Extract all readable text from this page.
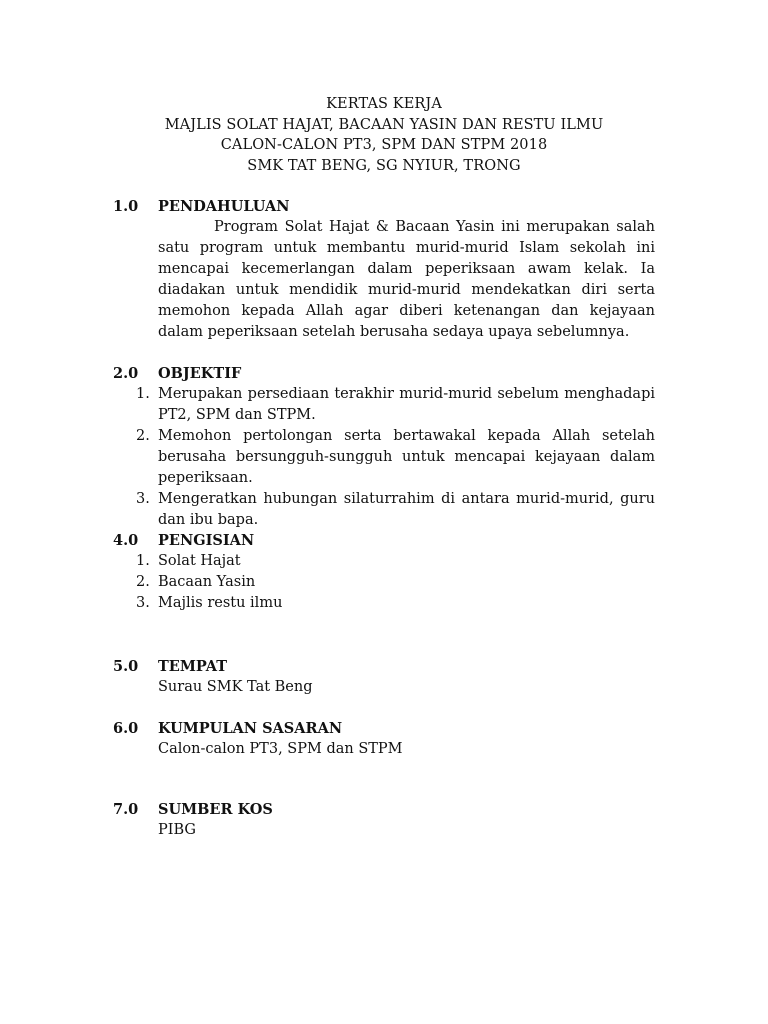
KERTAS KERJA
MAJLIS SOLAT HAJAT, BACAAN YASIN DAN RESTU ILMU
CALON-CALON PT3, SPM DAN STPM 2018
SMK TAT BENG, SG NYIUR, TRONG
1.0	PENDAHULUAN
Program Solat Hajat & Bacaan Yasin ini merupakan salah satu program untuk membantu murid-murid Islam sekolah ini mencapai kecemerlangan dalam peperiksaan awam kelak. Ia diadakan untuk mendidik murid-murid mendekatkan diri serta memohon kepada Allah agar diberi ketenangan dan kejayaan dalam peperiksaan setelah berusaha sedaya upaya sebelumnya.
2.0	OBJEKTIF
1. Merupakan persediaan terakhir murid-murid sebelum menghadapi PT2, SPM dan STPM.
2. Memohon pertolongan serta bertawakal kepada Allah setelah berusaha bersungguh-sungguh untuk mencapai kejayaan dalam peperiksaan.
3. Mengeratkan hubungan silaturrahim di antara murid-murid, guru dan ibu bapa.
4.0	PENGISIAN
1. Solat Hajat
2. Bacaan Yasin
3. Majlis restu ilmu
5.0	TEMPAT
Surau SMK Tat Beng
6.0	KUMPULAN SASARAN
Calon-calon PT3, SPM dan STPM
7.0	SUMBER KOS
PIBG
